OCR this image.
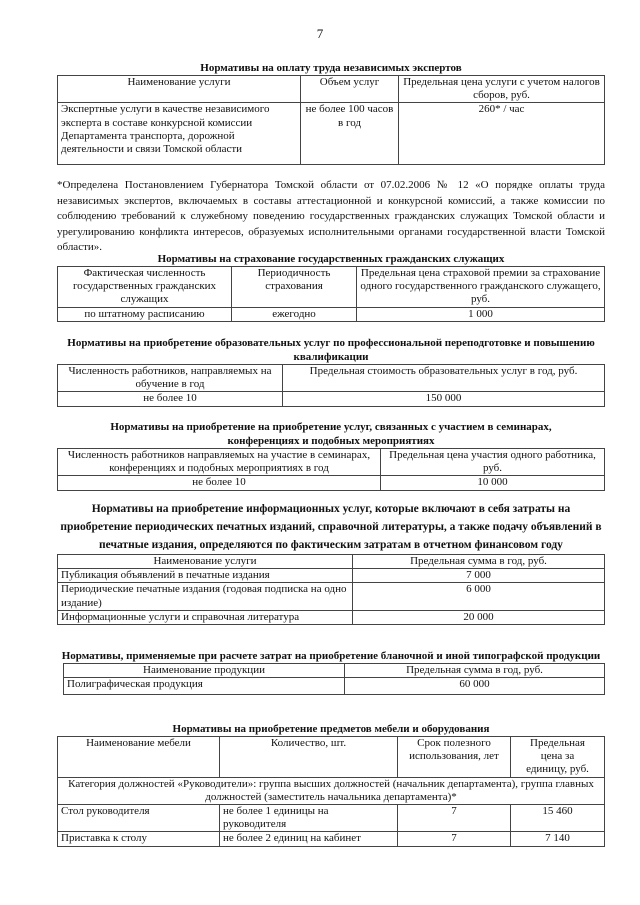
7
Нормативы на оплату труда независимых экспертов
Наименование услуги	Объем услуг	Предельная цена услуги с учетом налогов сборов, руб.
Экспертные услуги в качестве независимого эксперта в составе конкурсной комиссии Департамента транспорта, дорожной деятельности и связи Томской области	не более 100 часов в год	260* / час

*Определена Постановлением Губернатора Томской области от 07.02.2006 № 12 «О порядке оплаты труда независимых экспертов, включаемых в составы аттестационной и конкурсной комиссий, а также комиссии по соблюдению требований к служебному поведению государственных гражданских служащих Томской области и урегулированию конфликта интересов, образуемых исполнительными органами государственной власти Томской области».

Нормативы на страхование государственных гражданских служащих
Фактическая численность государственных гражданских служащих	Периодичность страхования	Предельная цена страховой премии за страхование одного государственного гражданского служащего, руб.
по штатному расписанию	ежегодно	1 000
Нормативы на приобретение образовательных услуг по профессиональной переподготовке и повышению квалификации
Численность работников, направляемых на обучение в год	Предельная стоимость образовательных услуг в год, руб.
не более 10	150 000
Нормативы на приобретение на приобретение услуг, связанных с участием в семинарах, конференциях и подобных мероприятиях
Численность работников направляемых на участие в семинарах, конференциях и подобных мероприятиях в год	Предельная цена участия одного работника, руб.
не более 10	10 000
Нормативы на приобретение информационных услуг, которые включают в себя затраты на приобретение периодических печатных изданий, справочной литературы, а также подачу объявлений в печатные издания, определяются по фактическим затратам в отчетном финансовом году
Наименование услуги	Предельная сумма в год, руб.
Публикация объявлений в печатные издания	7 000
Периодические печатные издания (годовая подписка на одно издание)	6 000
Информационные услуги и справочная литература	20 000
Нормативы, применяемые при расчете затрат на приобретение бланочной и иной типографской продукции
Наименование продукции	Предельная сумма в год, руб.
Полиграфическая продукция	60 000
Нормативы на приобретение предметов мебели и оборудования
Наименование мебели	Количество, шт.	Срок полезного использования, лет	Предельная цена за единицу, руб.
Категория должностей «Руководители»: группа высших должностей (начальник департамента), группа главных должностей (заместитель начальника департамента)*			
Стол руководителя	не более 1 единицы на руководителя	7	15 460
Приставка к столу	не более 2 единиц на кабинет	7	7 140
